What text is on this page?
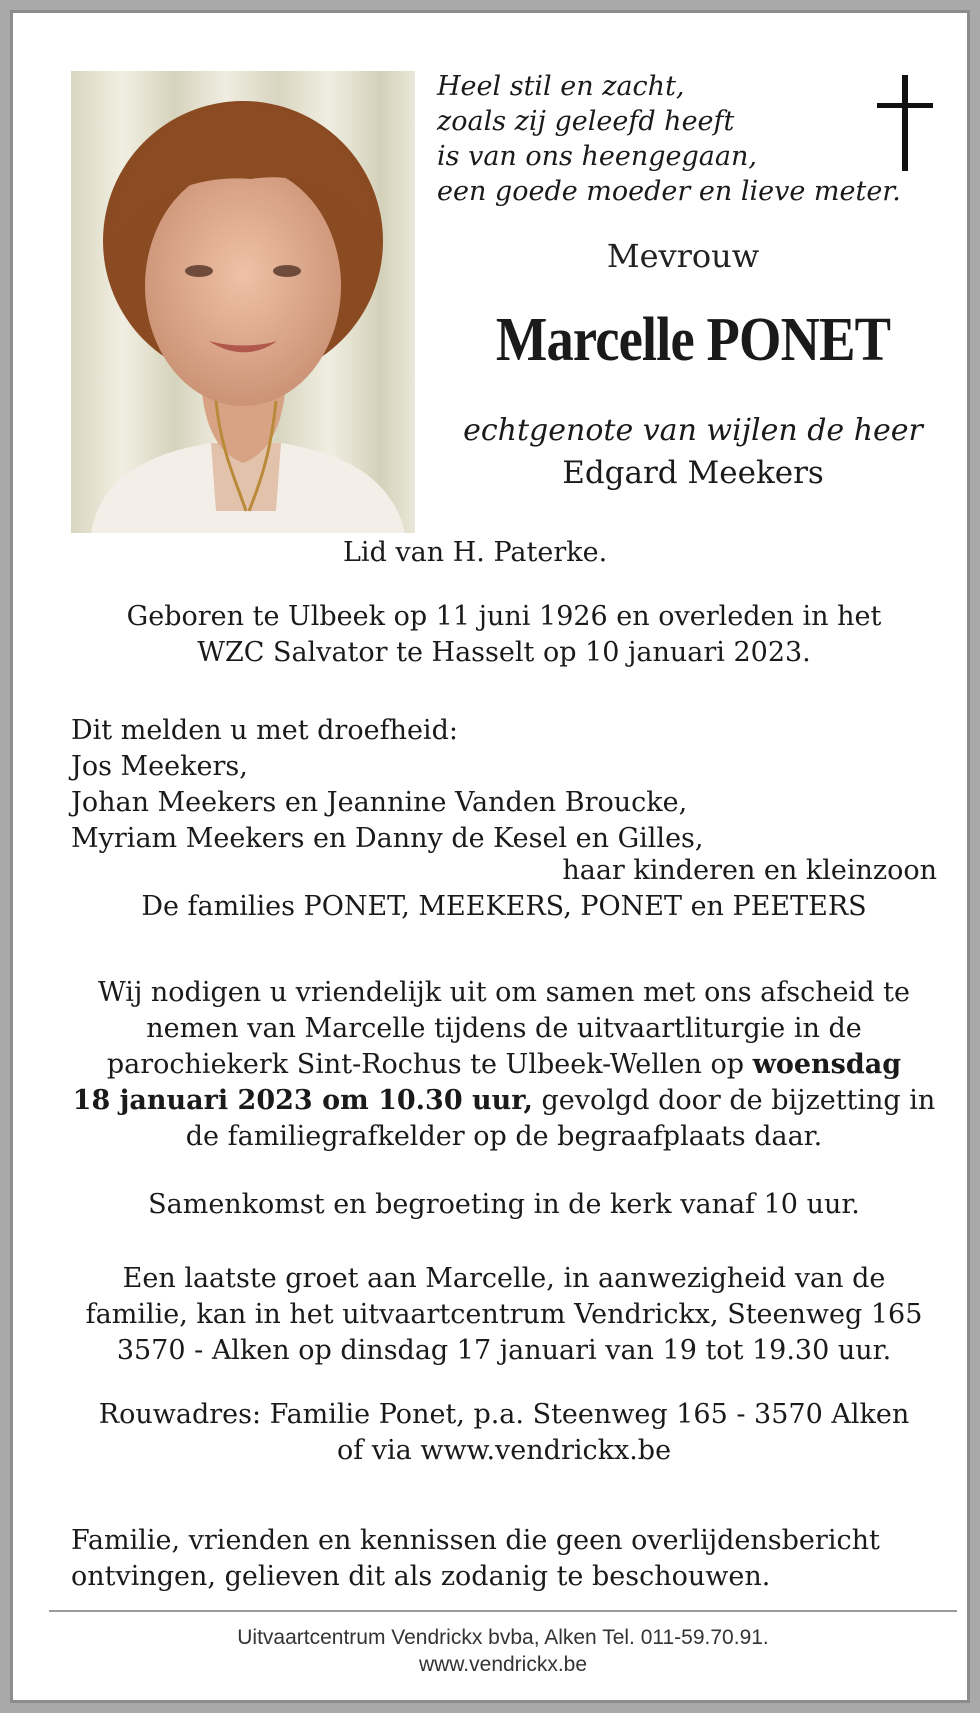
Heel stil en zacht,
zoals zij geleefd heeft
is van ons heengegaan,
een goede moeder en lieve meter.
Mevrouw
Marcelle PONET
echtgenote van wijlen de heer
Edgard Meekers
Lid van H. Paterke.
Geboren te Ulbeek op 11 juni 1926 en overleden in het
WZC Salvator te Hasselt op 10 januari 2023.
Dit melden u met droefheid:
Jos Meekers,
Johan Meekers en Jeannine Vanden Broucke,
Myriam Meekers en Danny de Kesel en Gilles,
haar kinderen en kleinzoon
De families PONET, MEEKERS, PONET en PEETERS
Wij nodigen u vriendelijk uit om samen met ons afscheid te
nemen van Marcelle tijdens de uitvaartliturgie in de
parochiekerk Sint-Rochus te Ulbeek-Wellen op woensdag
18 januari 2023 om 10.30 uur, gevolgd door de bijzetting in
de familiegrafkelder op de begraafplaats daar.
Samenkomst en begroeting in de kerk vanaf 10 uur.
Een laatste groet aan Marcelle, in aanwezigheid van de
familie, kan in het uitvaartcentrum Vendrickx, Steenweg 165
3570 - Alken op dinsdag 17 januari van 19 tot 19.30 uur.
Rouwadres: Familie Ponet, p.a. Steenweg 165 - 3570 Alken
of via www.vendrickx.be
Familie, vrienden en kennissen die geen overlijdensbericht
ontvingen, gelieven dit als zodanig te beschouwen.
Uitvaartcentrum Vendrickx bvba, Alken Tel. 011-59.70.91.
www.vendrickx.be
